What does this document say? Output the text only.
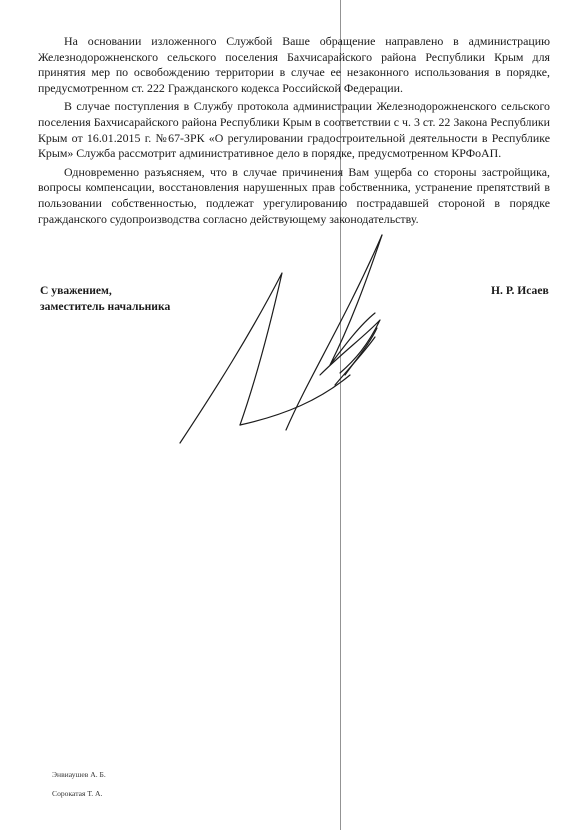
На основании изложенного Службой Ваше обращение направлено в администрацию Железнодорожненского сельского поселения Бахчисарайского района Республики Крым для принятия мер по освобождению территории в случае ее незаконного использования в порядке, предусмотренном ст. 222 Гражданского кодекса Российской Федерации.

В случае поступления в Службу протокола администрации Железнодорожненского сельского поселения Бахчисарайского района Республики Крым в соответствии с ч. 3 ст. 22 Закона Республики Крым от 16.01.2015 г. №67-ЗРК «О регулировании градостроительной деятельности в Республике Крым» Служба рассмотрит административное дело в порядке, предусмотренном КРФоАП.

Одновременно разъясняем, что в случае причинения Вам ущерба со стороны застройщика, вопросы компенсации, восстановления нарушенных прав собственника, устранение препятствий в пользовании собственностью, подлежат урегулированию пострадавшей стороной в порядке гражданского судопроизводства согласно действующему законодательству.

С уважением,
заместитель начальника
Н. Р. Исаев
Энвиаушев А. Б.
Сорокатая Т. А.
